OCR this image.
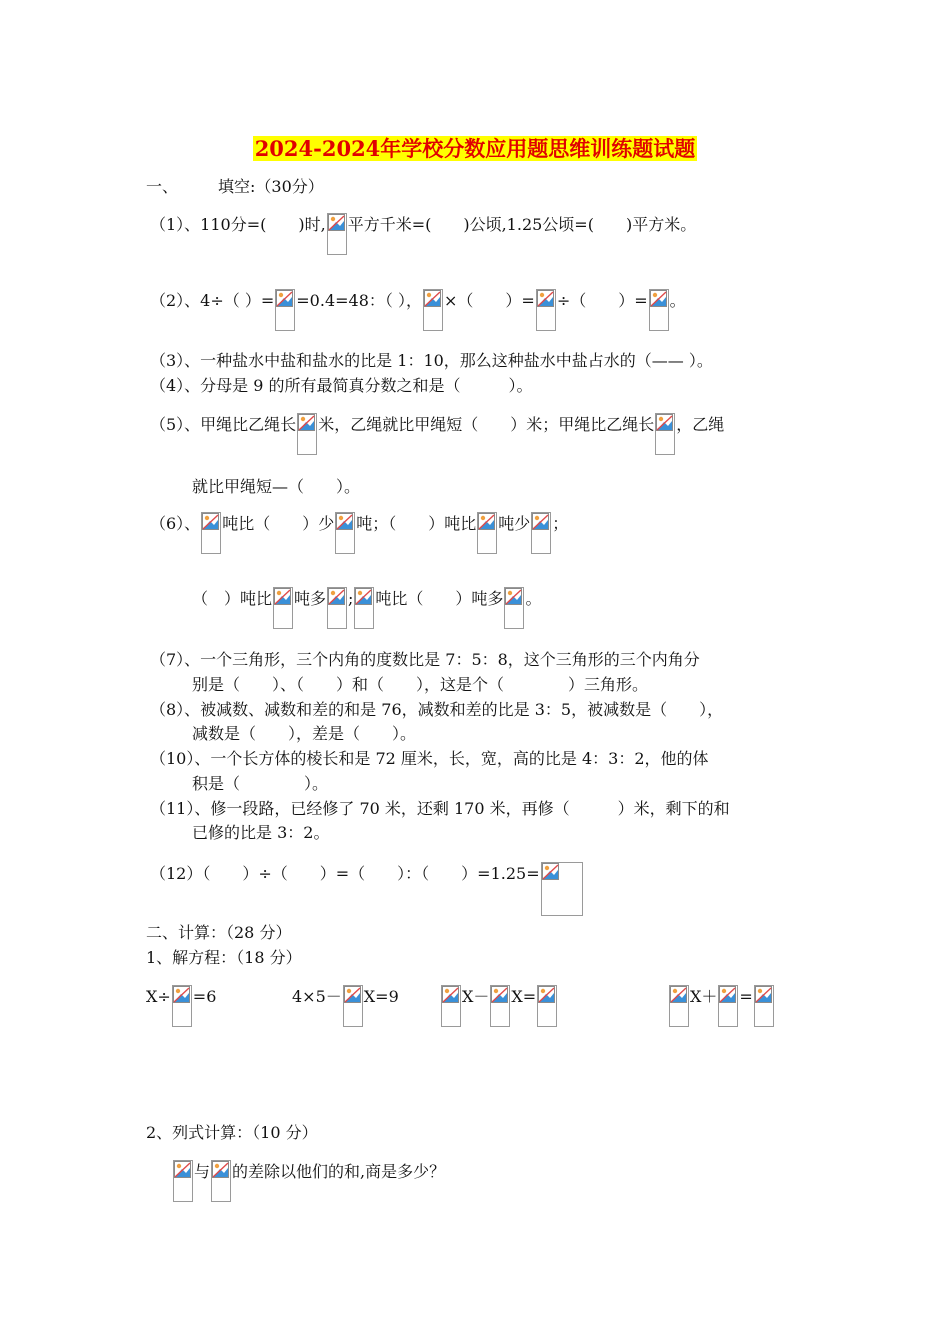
2024-2024年学校分数应用题思维训练题试题
一、	填空:（30分）
（1）、110分=(　　)时, 平方千米=(　　)公顷,1.25公顷=(　　)平方米。
（2）、4÷（ ）= =0.4=48：（ ）， ×（　　）= ÷（　　）= 。
（3）、一种盐水中盐和盐水的比是 1：10，那么这种盐水中盐占水的（—— ）。
（4）、分母是 9 的所有最简真分数之和是（　　　）。
（5）、甲绳比乙绳长 米，乙绳就比甲绳短（　　）米；甲绳比乙绳长 ，乙绳
就比甲绳短—（　　）。
（6）、 吨比（　　）少 吨；（　　）吨比 吨少 ；
（　）吨比 吨多 ; 吨比（　　）吨多 。
（7）、一个三角形，三个内角的度数比是 7：5：8，这个三角形的三个内角分
别是（　　）、（　　）和（　　），这是个（　　　　）三角形。
（8）、被减数、减数和差的和是 76，减数和差的比是 3：5，被减数是（　　），
减数是（　　），差是（　　）。
（10）、一个长方体的棱长和是 72 厘米，长，宽，高的比是 4：3：2，他的体
积是（　　　　）。
（11）、修一段路，已经修了 70 米，还剩 170 米，再修（　　　）米，剩下的和
已修的比是 3：2。
（12）（　　）÷（　　）=（　　）：（　　）=1.25=
二、计算：（28 分）
1、解方程：（18 分）
X÷ =6	4×5－ X=9	X－ X=	X＋ =
2、列式计算：（10 分）
与 的差除以他们的和,商是多少？
